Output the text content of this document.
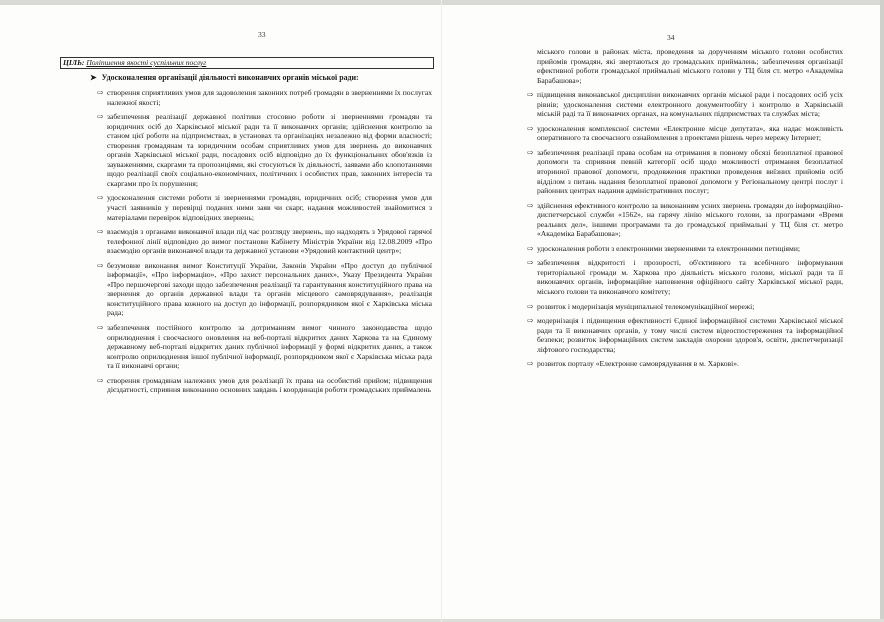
33
ЦІЛЬ: Поліпшення якості суспільних послуг
➤ Удосконалення організації діяльності виконавчих органів міської ради:
⇨ створення сприятливих умов для задоволення законних потреб громадян в зверненнями їх послугах належної якості;
⇨ забезпечення реалізації державної політики стосовно роботи зі зверненнями громадян та юридичних осіб до Харківської міської ради та її виконавчих органів; здійснення контролю за станом цієї роботи на підприємствах, в установах та організаціях незалежно від форми власності; створення громадянам та юридичним особам сприятливих умов для звернень до виконавчих органів Харківської міської ради, посадових осіб відповідно до їх функціональних обов'язків із зауваженнями, скаргами та пропозиціями, які стосуються їх діяльності, заявами або клопотаннями щодо реалізації своїх соціально-економічних, політичних і особистих прав, законних інтересів та скаргами про їх порушення;
⇨ удосконалення системи роботи зі зверненнями громадян, юридичних осіб; створення умов для участі заявників у перевірці поданих ними заяв чи скарг, надання можливостей знайомитися з матеріалами перевірок відповідних звернень;
⇨ взаємодія з органами виконавчої влади під час розгляду звернень, що надходять з Урядової гарячої телефонної лінії відповідно до вимог постанови Кабінету Міністрів України від 12.08.2009 «Про взаємодію органів виконавчої влади та державної установи «Урядовий контактний центр»;
⇨ безумовне виконання вимог Конституції України, Законів України «Про доступ до публічної інформації», «Про інформацію», «Про захист персональних даних», Указу Президента України «Про першочергові заходи щодо забезпечення реалізації та гарантування конституційного права на звернення до органів державної влади та органів місцевого самоврядування», реалізація конституційного права кожного на доступ до інформації, розпорядником якої є Харківська міська рада;
⇨ забезпечення постійного контролю за дотриманням вимог чинного законодавства щодо оприлюднення і своєчасного оновлення на веб-порталі відкритих даних Харкова та на Єдиному державному веб-порталі відкритих даних публічної інформації у формі відкритих даних, а також контролю оприлюднення іншої публічної інформації, розпорядником якої є Харківська міська рада та її виконавчі органи;
⇨ створення громадянам належних умов для реалізації їх права на особистий прийом; підвищення дієздатності, сприяння виконанню основних завдань і координація роботи громадських приймалень
34
міського голови в районах міста, проведення за дорученням міського голови особистих прийомів громадян, які звертаються до громадських приймалень; забезпечення організації ефективної роботи громадської приймальні міського голови у ТЦ біля ст. метро «Академіка Барабашова»;
⇨ підвищення виконавської дисципліни виконавчих органів міської ради і посадових осіб усіх рівнів; удосконалення системи електронного документообігу і контролю в Харківській міській раді та її виконавчих органах, на комунальних підприємствах та службах міста;
⇨ удосконалення комплексної системи «Електронне місце депутата», яка надає можливість оперативного та своєчасного ознайомлення з проектами рішень через мережу Інтернет;
⇨ забезпечення реалізації права особам на отримання в повному обсязі безоплатної правової допомоги та сприяння певній категорії осіб щодо можливості отримання безоплатної вторинної правової допомоги, продовження практики проведення виїзних прийомів осіб відділом з питань надання безоплатної правової допомоги у Регіональному центрі послуг і районних центрах надання адміністративних послуг;
⇨ здійснення ефективного контролю за виконанням усних звернень громадян до інформаційно-диспетчерської служби «1562», на гарячу лінію міського голови, за програмами «Время реальних дел», іншими програмами та до громадської приймальні у ТЦ біля ст. метро «Академіка Барабашова»;
⇨ удосконалення роботи з електронними зверненнями та електронними петиціями;
⇨ забезпечення відкритості і прозорості, об'єктивного та всебічного інформування територіальної громади м. Харкова про діяльність міського голови, міської ради та її виконавчих органів, інформаційне наповнення офіційного сайту Харківської міської ради, міського голови та виконавчого комітету;
⇨ розвиток і модернізація муніципальної телекомунікаційної мережі;
⇨ модернізація і підвищення ефективності Єдиної інформаційної системи Харківської міської ради та її виконавчих органів, у тому числі систем відеоспостереження та інформаційної безпеки; розвиток інформаційних систем закладів охорони здоров'я, освіти, диспетчеризації ліфтового господарства;
⇨ розвиток порталу «Електронне самоврядування в м. Харкові».
